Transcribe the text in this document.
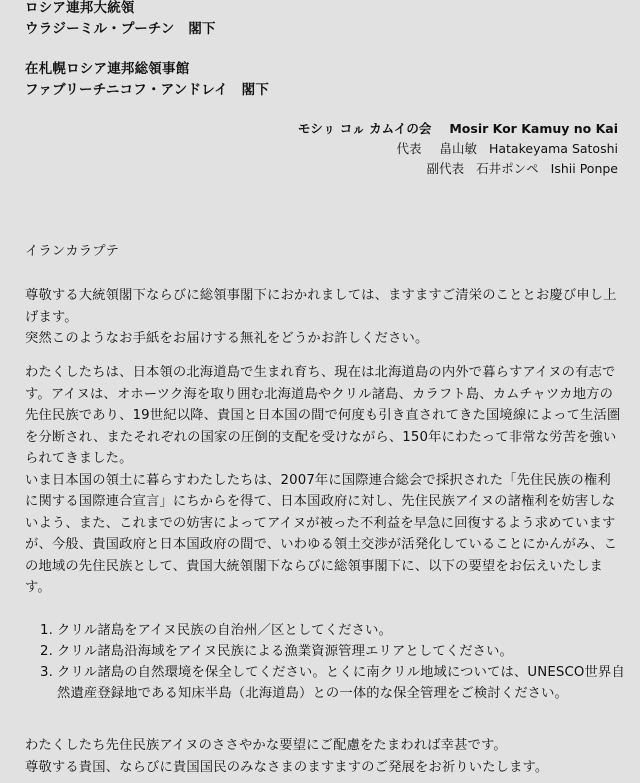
ロシア連邦大統領
ウラジーミル・プーチン　閣下
在札幌ロシア連邦総領事館
ファブリーチニコフ・アンドレイ　閣下
モシㇼ コㇽ カムイの会 Mosir Kor Kamuy no Kai
代表 畠山敏 Hatakeyama Satoshi
副代表 石井ポンペ Ishii Ponpe

イランカラプテ

尊敬する大統領閣下ならびに総領事閣下におかれましては、ますますご清栄のこととお慶び申し上げます。

突然このようなお手紙をお届けする無礼をどうかお許しください。

わたくしたちは、日本領の北海道島で生まれ育ち、現在は北海道島の内外で暮らすアイヌの有志です。アイヌは、オホーツク海を取り囲む北海道島やクリル諸島、カラフト島、カムチャツカ地方の先住民族であり、19世紀以降、貴国と日本国の間で何度も引き直されてきた国境線によって生活圏を分断され、またそれぞれの国家の圧倒的支配を受けながら、150年にわたって非常な労苦を強いられてきました。

いま日本国の領土に暮らすわたしたちは、2007年に国際連合総会で採択された「先住民族の権利に関する国際連合宣言」にちからを得て、日本国政府に対し、先住民族アイヌの諸権利を妨害しないよう、また、これまでの妨害によってアイヌが被った不利益を早急に回復するよう求めていますが、今般、貴国政府と日本国政府の間で、いわゆる領土交渉が活発化していることにかんがみ、この地域の先住民族として、貴国大統領閣下ならびに総領事閣下に、以下の要望をお伝えいたします。

1. クリル諸島をアイヌ民族の自治州／区としてください。
2. クリル諸島沿海域をアイヌ民族による漁業資源管理エリアとしてください。
3. クリル諸島の自然環境を保全してください。とくに南クリル地域については、UNESCO世界自然遺産登録地である知床半島（北海道島）との一体的な保全管理をご検討ください。

わたくしたち先住民族アイヌのささやかな要望にご配慮をたまわれば幸甚です。

尊敬する貴国、ならびに貴国国民のみなさまのますますのご発展をお祈りいたします。
